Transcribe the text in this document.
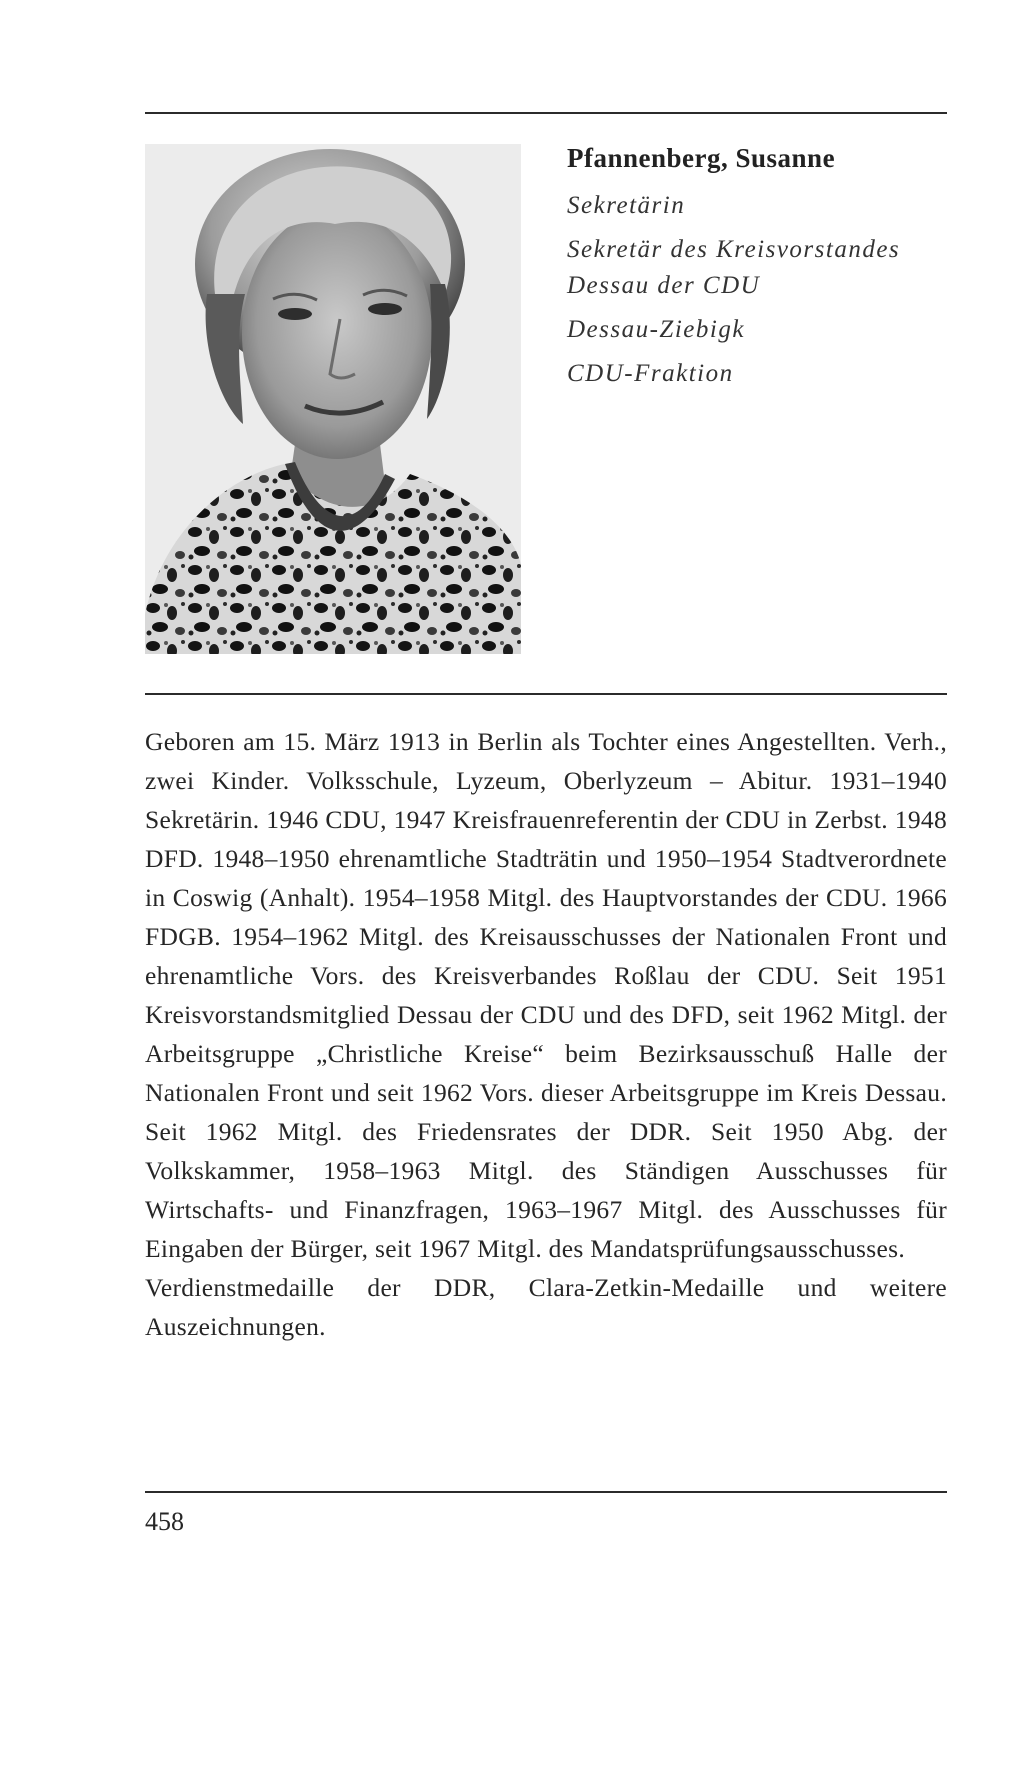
Pfannenberg, Susanne
Sekretärin
Sekretär des Kreisvorstandes
Dessau der CDU
Dessau-Ziebigk
CDU-Fraktion

Geboren am 15. März 1913 in Berlin als Tochter eines Angestellten. Verh., zwei Kinder. Volksschule, Lyzeum, Oberlyzeum – Abitur. 1931–1940 Sekretärin. 1946 CDU, 1947 Kreisfrauenreferentin der CDU in Zerbst. 1948 DFD. 1948–1950 ehrenamtliche Stadträtin und 1950–1954 Stadtverordnete in Coswig (Anhalt). 1954–1958 Mitgl. des Hauptvorstandes der CDU. 1966 FDGB. 1954–1962 Mitgl. des Kreisausschusses der Nationalen Front und ehrenamtliche Vors. des Kreisverbandes Roßlau der CDU. Seit 1951 Kreisvorstandsmitglied Dessau der CDU und des DFD, seit 1962 Mitgl. der Arbeitsgruppe „Christliche Kreise“ beim Bezirksausschuß Halle der Nationalen Front und seit 1962 Vors. dieser Arbeitsgruppe im Kreis Dessau. Seit 1962 Mitgl. des Friedensrates der DDR. Seit 1950 Abg. der Volkskammer, 1958–1963 Mitgl. des Ständigen Ausschusses für Wirtschafts- und Finanzfragen, 1963–1967 Mitgl. des Ausschusses für Eingaben der Bürger, seit 1967 Mitgl. des Mandatsprüfungsausschusses.

Verdienstmedaille der DDR, Clara-Zetkin-Medaille und weitere Auszeichnungen.

458
